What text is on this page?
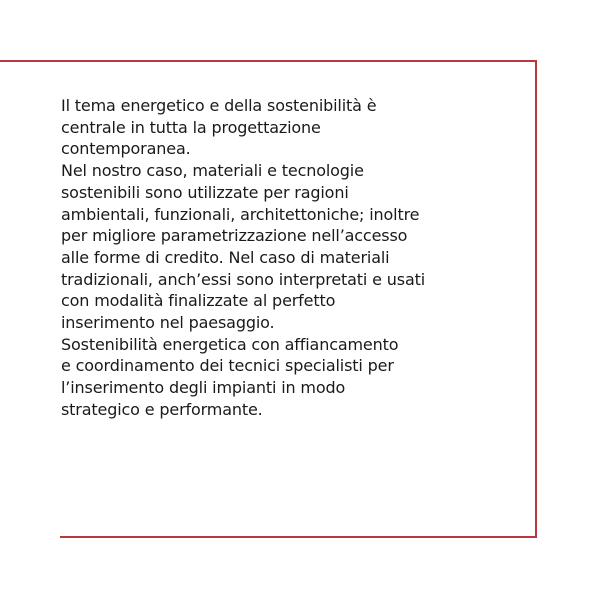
Il tema energetico e della sostenibilità è
centrale in tutta la progettazione
contemporanea.
Nel nostro caso, materiali e tecnologie
sostenibili sono utilizzate per ragioni
ambientali, funzionali, architettoniche; inoltre
per migliore parametrizzazione nell’accesso
alle forme di credito. Nel caso di materiali
tradizionali, anch’essi sono interpretati e usati
con modalità finalizzate al perfetto
inserimento nel paesaggio.
Sostenibilità energetica con affiancamento
e coordinamento dei tecnici specialisti per
l’inserimento degli impianti in modo
strategico e performante.
